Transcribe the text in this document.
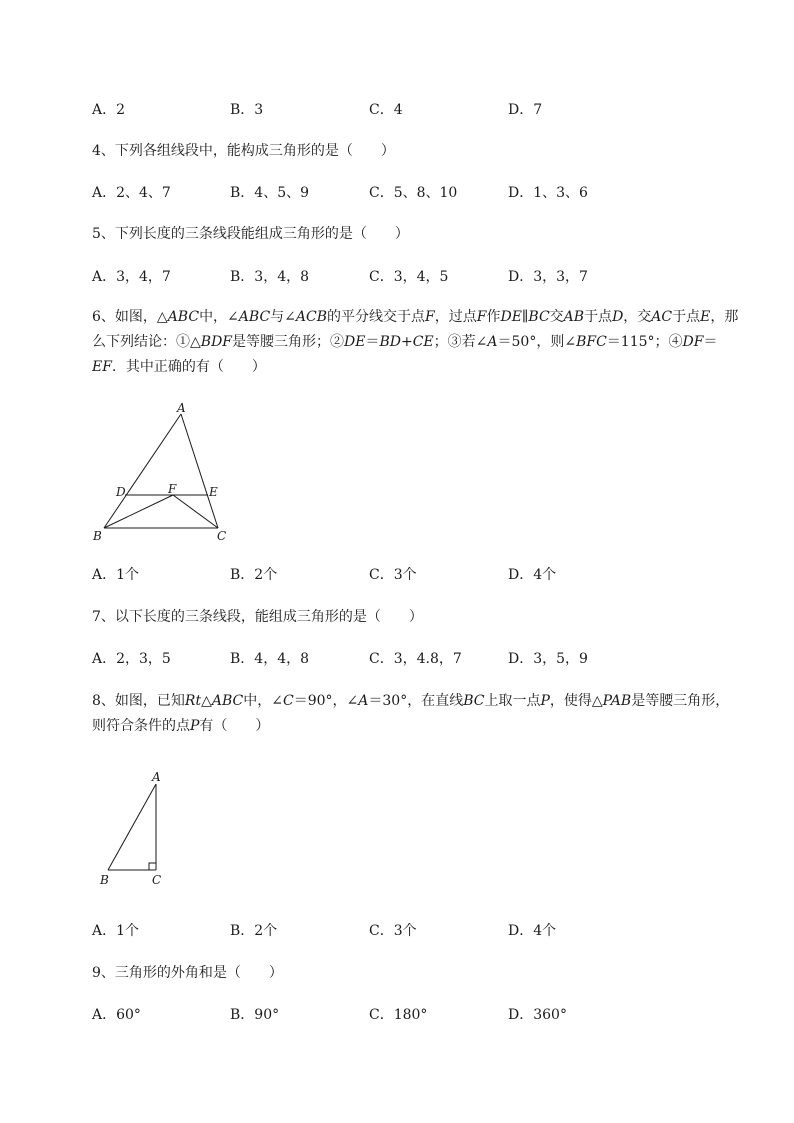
A．2	B．3	C．4	D．7
4、下列各组线段中，能构成三角形的是（　　）
A．2、4、7	B．4、5、9	C．5、8、10	D．1、3、6
5、下列长度的三条线段能组成三角形的是（　　）
A．3，4，7	B．3，4，8	C．3，4，5	D．3，3，7
6、如图，△ABC中，∠ABC与∠ACB的平分线交于点F，过点F作DE∥BC交AB于点D，交AC于点E，那么下列结论：①△BDF是等腰三角形；②DE＝BD+CE；③若∠A＝50°，则∠BFC＝115°；④DF＝EF．其中正确的有（　　）
A
B	C
D	E
F
A．1个	B．2个	C．3个	D．4个
7、以下长度的三条线段，能组成三角形的是（　　）
A．2，3，5	B．4，4，8	C．3，4.8，7	D．3，5，9
8、如图，已知Rt△ABC中，∠C＝90°，∠A＝30°，在直线BC上取一点P，使得△PAB是等腰三角形，则符合条件的点P有（　　）
A
B	C
A．1个	B．2个	C．3个	D．4个
9、三角形的外角和是（　　）
A．60°	B．90°	C．180°	D．360°
